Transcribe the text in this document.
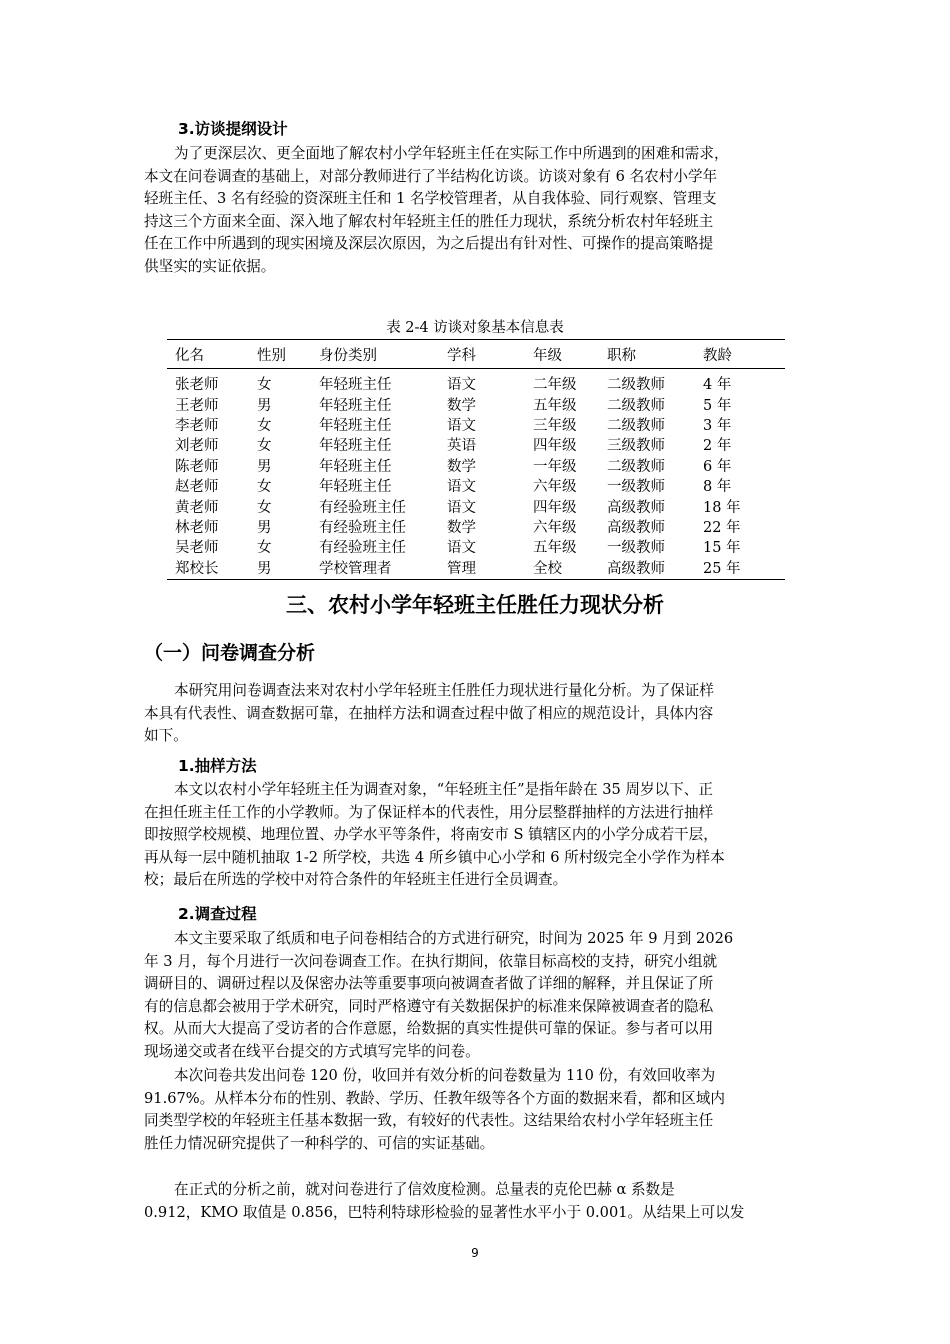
3.访谈提纲设计
为了更深层次、更全面地了解农村小学年轻班主任在实际工作中所遇到的困难和需求，
本文在问卷调查的基础上，对部分教师进行了半结构化访谈。访谈对象有 6 名农村小学年
轻班主任、3 名有经验的资深班主任和 1 名学校管理者，从自我体验、同行观察、管理支
持这三个方面来全面、深入地了解农村年轻班主任的胜任力现状，系统分析农村年轻班主
任在工作中所遇到的现实困境及深层次原因，为之后提出有针对性、可操作的提高策略提
供坚实的实证依据。
表 2-4 访谈对象基本信息表
化名	性别	身份类别	学科	年级	职称	教龄

张老师	女	年轻班主任	语文	二年级	二级教师	4 年
王老师	男	年轻班主任	数学	五年级	二级教师	5 年
李老师	女	年轻班主任	语文	三年级	二级教师	3 年
刘老师	女	年轻班主任	英语	四年级	三级教师	2 年
陈老师	男	年轻班主任	数学	一年级	二级教师	6 年
赵老师	女	年轻班主任	语文	六年级	一级教师	8 年
黄老师	女	有经验班主任	语文	四年级	高级教师	18 年
林老师	男	有经验班主任	数学	六年级	高级教师	22 年
吴老师	女	有经验班主任	语文	五年级	一级教师	15 年
郑校长	男	学校管理者	管理	全校	高级教师	25 年
三、农村小学年轻班主任胜任力现状分析
（一）问卷调查分析
本研究用问卷调查法来对农村小学年轻班主任胜任力现状进行量化分析。为了保证样
本具有代表性、调查数据可靠，在抽样方法和调查过程中做了相应的规范设计，具体内容
如下。
1.抽样方法
本文以农村小学年轻班主任为调查对象，“年轻班主任”是指年龄在 35 周岁以下、正
在担任班主任工作的小学教师。为了保证样本的代表性，用分层整群抽样的方法进行抽样
即按照学校规模、地理位置、办学水平等条件，将南安市 S 镇辖区内的小学分成若干层，
再从每一层中随机抽取 1-2 所学校，共选 4 所乡镇中心小学和 6 所村级完全小学作为样本
校；最后在所选的学校中对符合条件的年轻班主任进行全员调查。
2.调查过程
本文主要采取了纸质和电子问卷相结合的方式进行研究，时间为 2025 年 9 月到 2026
年 3 月，每个月进行一次问卷调查工作。在执行期间，依靠目标高校的支持，研究小组就
调研目的、调研过程以及保密办法等重要事项向被调查者做了详细的解释，并且保证了所
有的信息都会被用于学术研究，同时严格遵守有关数据保护的标准来保障被调查者的隐私
权。从而大大提高了受访者的合作意愿，给数据的真实性提供可靠的保证。参与者可以用
现场递交或者在线平台提交的方式填写完毕的问卷。
本次问卷共发出问卷 120 份，收回并有效分析的问卷数量为 110 份，有效回收率为
91.67%。从样本分布的性别、教龄、学历、任教年级等各个方面的数据来看，都和区域内
同类型学校的年轻班主任基本数据一致，有较好的代表性。这结果给农村小学年轻班主任
胜任力情况研究提供了一种科学的、可信的实证基础。
在正式的分析之前，就对问卷进行了信效度检测。总量表的克伦巴赫 α 系数是
0.912，KMO 取值是 0.856，巴特利特球形检验的显著性水平小于 0.001。从结果上可以发
9
